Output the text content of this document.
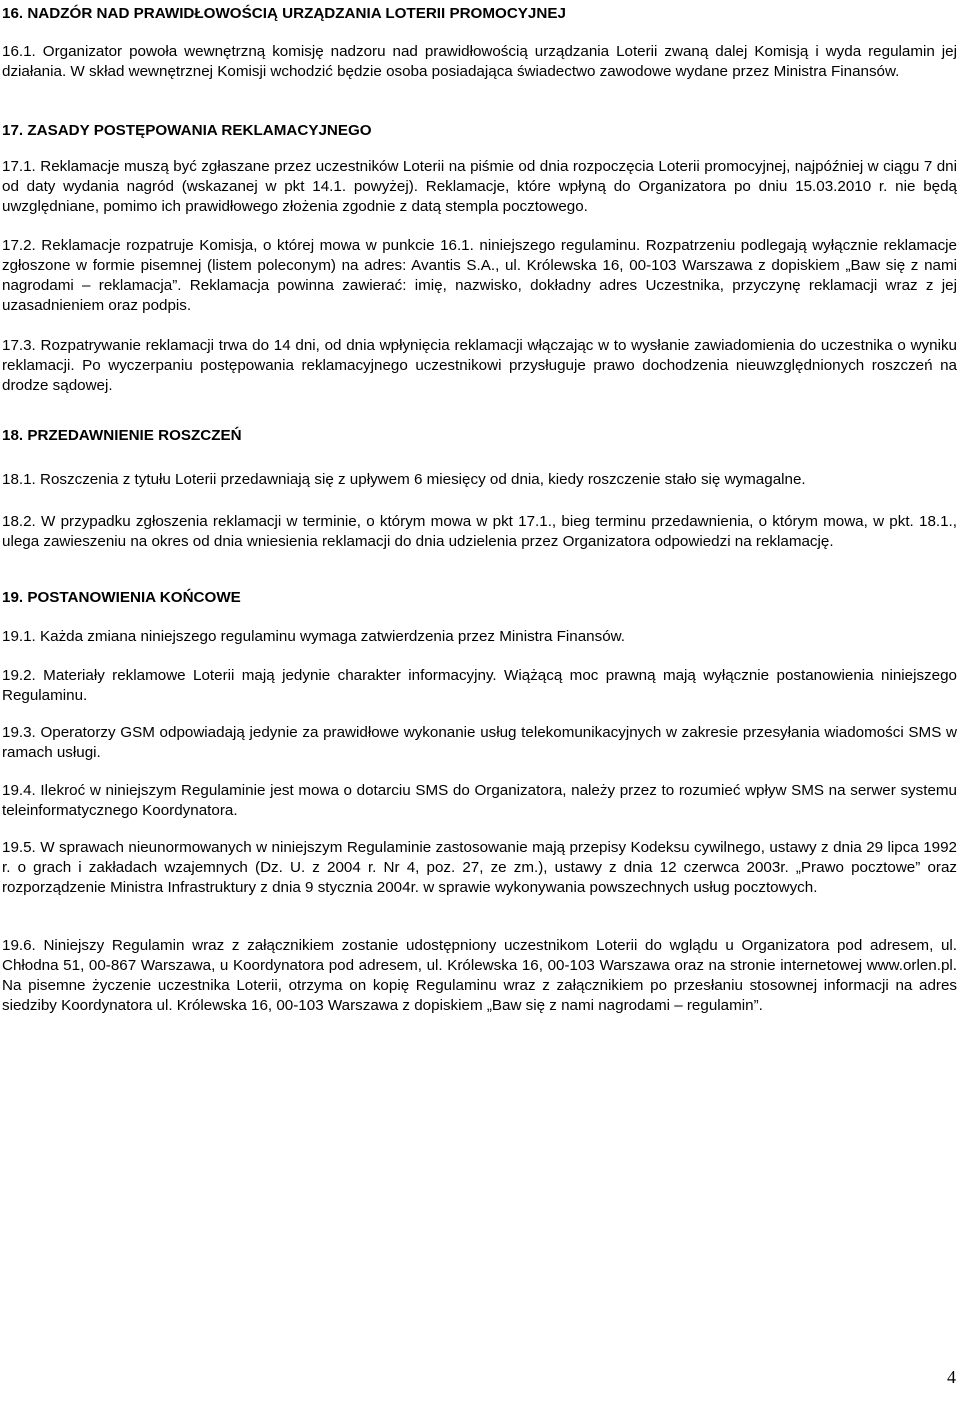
16. NADZÓR NAD PRAWIDŁOWOŚCIĄ URZĄDZANIA LOTERII PROMOCYJNEJ

16.1. Organizator powoła wewnętrzną komisję nadzoru nad prawidłowością urządzania Loterii zwaną dalej Komisją i wyda regulamin jej działania. W skład wewnętrznej Komisji wchodzić będzie osoba posiadająca świadectwo zawodowe wydane przez Ministra Finansów.

17. ZASADY POSTĘPOWANIA REKLAMACYJNEGO

17.1. Reklamacje muszą być zgłaszane przez uczestników Loterii na piśmie od dnia rozpoczęcia Loterii promocyjnej, najpóźniej w ciągu 7 dni od daty wydania nagród (wskazanej w pkt 14.1. powyżej). Reklamacje, które wpłyną do Organizatora po dniu 15.03.2010 r. nie będą uwzględniane, pomimo ich prawidłowego złożenia zgodnie z datą stempla pocztowego.

17.2. Reklamacje rozpatruje Komisja, o której mowa w punkcie 16.1. niniejszego regulaminu. Rozpatrzeniu podlegają wyłącznie reklamacje zgłoszone w formie pisemnej (listem poleconym) na adres: Avantis S.A., ul. Królewska 16, 00-103 Warszawa z dopiskiem „Baw się z nami nagrodami – reklamacja”. Reklamacja powinna zawierać: imię, nazwisko, dokładny adres Uczestnika, przyczynę reklamacji wraz z jej uzasadnieniem oraz podpis.

17.3. Rozpatrywanie reklamacji trwa do 14 dni, od dnia wpłynięcia reklamacji włączając w to wysłanie zawiadomienia do uczestnika o wyniku reklamacji. Po wyczerpaniu postępowania reklamacyjnego uczestnikowi przysługuje prawo dochodzenia nieuwzględnionych roszczeń na drodze sądowej.

18. PRZEDAWNIENIE ROSZCZEŃ

18.1. Roszczenia z tytułu Loterii przedawniają się z upływem 6 miesięcy od dnia, kiedy roszczenie stało się wymagalne.

18.2. W przypadku zgłoszenia reklamacji w terminie, o którym mowa w pkt 17.1., bieg terminu przedawnienia, o którym mowa, w pkt. 18.1., ulega zawieszeniu na okres od dnia wniesienia reklamacji do dnia udzielenia przez Organizatora odpowiedzi na reklamację.

19. POSTANOWIENIA KOŃCOWE

19.1. Każda zmiana niniejszego regulaminu wymaga zatwierdzenia przez Ministra Finansów.

19.2. Materiały reklamowe Loterii mają jedynie charakter informacyjny. Wiążącą moc prawną mają wyłącznie postanowienia niniejszego Regulaminu.

19.3. Operatorzy GSM odpowiadają jedynie za prawidłowe wykonanie usług telekomunikacyjnych w zakresie przesyłania wiadomości SMS w ramach usługi.

19.4. Ilekroć w niniejszym Regulaminie jest mowa o dotarciu SMS do Organizatora, należy przez to rozumieć wpływ SMS na serwer systemu teleinformatycznego Koordynatora.

19.5. W sprawach nieunormowanych w niniejszym Regulaminie zastosowanie mają przepisy Kodeksu cywilnego, ustawy z dnia 29 lipca 1992 r. o grach i zakładach wzajemnych (Dz. U. z 2004 r. Nr 4, poz. 27, ze zm.), ustawy z dnia 12 czerwca 2003r. „Prawo pocztowe” oraz rozporządzenie Ministra Infrastruktury z dnia 9 stycznia 2004r. w sprawie wykonywania powszechnych usług pocztowych.

19.6. Niniejszy Regulamin wraz z załącznikiem zostanie udostępniony uczestnikom Loterii do wglądu u Organizatora pod adresem, ul. Chłodna 51, 00-867 Warszawa, u Koordynatora pod adresem, ul. Królewska 16, 00-103 Warszawa oraz na stronie internetowej www.orlen.pl. Na pisemne życzenie uczestnika Loterii, otrzyma on kopię Regulaminu wraz z załącznikiem po przesłaniu stosownej informacji na adres siedziby Koordynatora ul. Królewska 16, 00-103 Warszawa z dopiskiem „Baw się z nami nagrodami – regulamin”.

4
